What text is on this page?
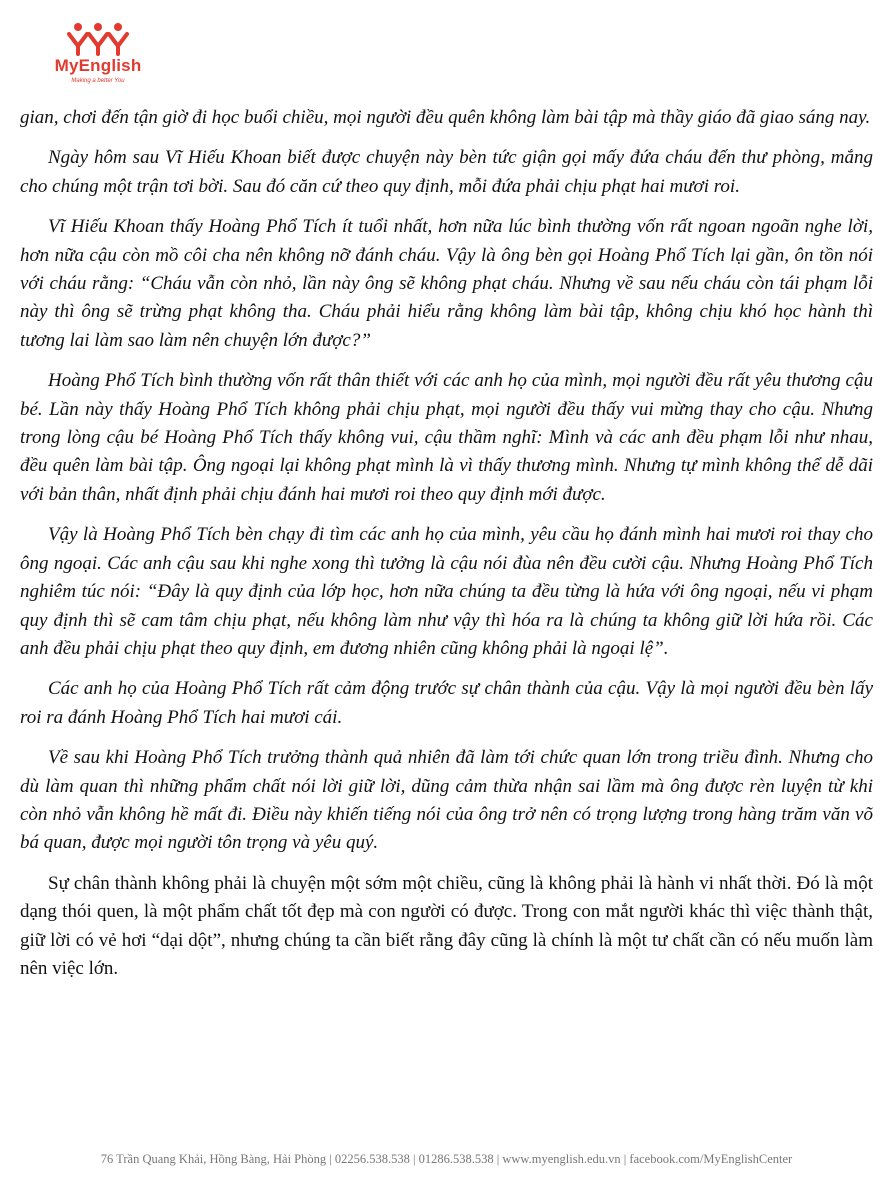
MyEnglish
Making a better You

gian, chơi đến tận giờ đi học buổi chiều, mọi người đều quên không làm bài tập mà thầy giáo đã giao sáng nay.

Ngày hôm sau Vĩ Hiếu Khoan biết được chuyện này bèn tức giận gọi mấy đứa cháu đến thư phòng, mắng cho chúng một trận tơi bời. Sau đó căn cứ theo quy định, mỗi đứa phải chịu phạt hai mươi roi.

Vĩ Hiếu Khoan thấy Hoàng Phổ Tích ít tuổi nhất, hơn nữa lúc bình thường vốn rất ngoan ngoãn nghe lời, hơn nữa cậu còn mồ côi cha nên không nỡ đánh cháu. Vậy là ông bèn gọi Hoàng Phổ Tích lại gần, ôn tồn nói với cháu rằng: “Cháu vẫn còn nhỏ, lần này ông sẽ không phạt cháu. Nhưng về sau nếu cháu còn tái phạm lỗi này thì ông sẽ trừng phạt không tha. Cháu phải hiểu rằng không làm bài tập, không chịu khó học hành thì tương lai làm sao làm nên chuyện lớn được?”

Hoàng Phổ Tích bình thường vốn rất thân thiết với các anh họ của mình, mọi người đều rất yêu thương cậu bé. Lần này thấy Hoàng Phổ Tích không phải chịu phạt, mọi người đều thấy vui mừng thay cho cậu. Nhưng trong lòng cậu bé Hoàng Phổ Tích thấy không vui, cậu thầm nghĩ: Mình và các anh đều phạm lỗi như nhau, đều quên làm bài tập. Ông ngoại lại không phạt mình là vì thấy thương mình. Nhưng tự mình không thể dễ dãi với bản thân, nhất định phải chịu đánh hai mươi roi theo quy định mới được.

Vậy là Hoàng Phổ Tích bèn chạy đi tìm các anh họ của mình, yêu cầu họ đánh mình hai mươi roi thay cho ông ngoại. Các anh cậu sau khi nghe xong thì tưởng là cậu nói đùa nên đều cười cậu. Nhưng Hoàng Phổ Tích nghiêm túc nói: “Đây là quy định của lớp học, hơn nữa chúng ta đều từng là hứa với ông ngoại, nếu vi phạm quy định thì sẽ cam tâm chịu phạt, nếu không làm như vậy thì hóa ra là chúng ta không giữ lời hứa rồi. Các anh đều phải chịu phạt theo quy định, em đương nhiên cũng không phải là ngoại lệ”.

Các anh họ của Hoàng Phổ Tích rất cảm động trước sự chân thành của cậu. Vậy là mọi người đều bèn lấy roi ra đánh Hoàng Phổ Tích hai mươi cái.

Về sau khi Hoàng Phổ Tích trưởng thành quả nhiên đã làm tới chức quan lớn trong triều đình. Nhưng cho dù làm quan thì những phẩm chất nói lời giữ lời, dũng cảm thừa nhận sai lầm mà ông được rèn luyện từ khi còn nhỏ vẫn không hề mất đi. Điều này khiến tiếng nói của ông trở nên có trọng lượng trong hàng trăm văn võ bá quan, được mọi người tôn trọng và yêu quý.

Sự chân thành không phải là chuyện một sớm một chiều, cũng là không phải là hành vi nhất thời. Đó là một dạng thói quen, là một phẩm chất tốt đẹp mà con người có được. Trong con mắt người khác thì việc thành thật, giữ lời có vẻ hơi “dại dột”, nhưng chúng ta cần biết rằng đây cũng là chính là một tư chất cần có nếu muốn làm nên việc lớn.

76 Trần Quang Khải, Hồng Bàng, Hải Phòng | 02256.538.538 | 01286.538.538 | www.myenglish.edu.vn | facebook.com/MyEnglishCenter
